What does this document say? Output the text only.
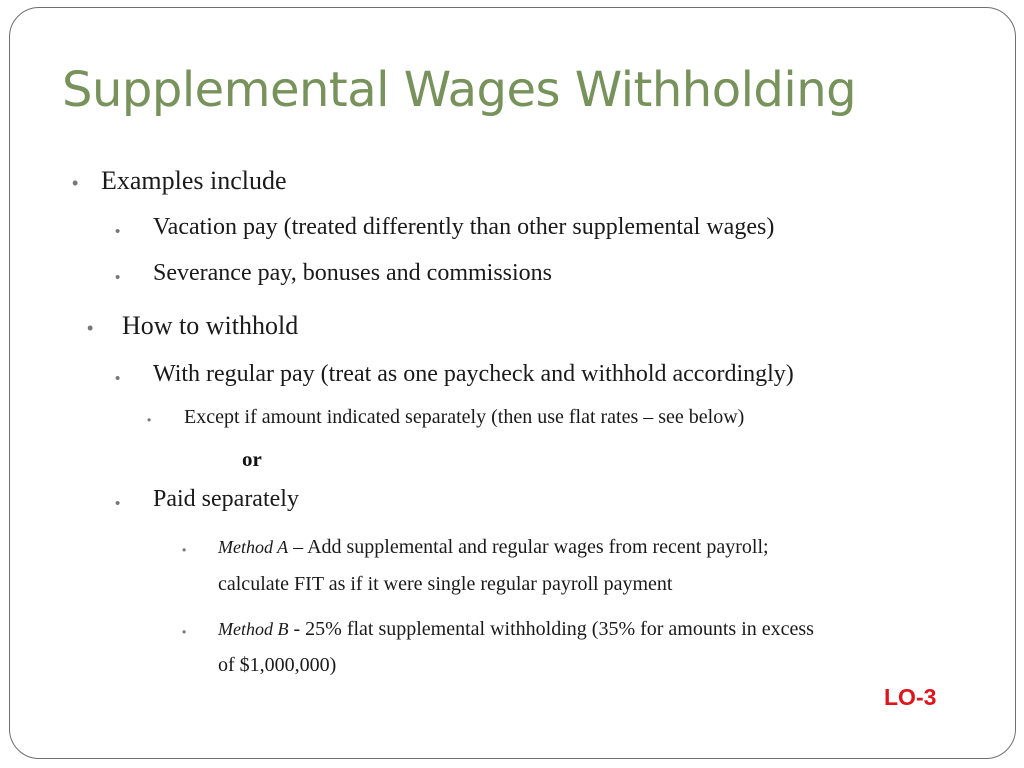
Supplemental Wages Withholding
• Examples include
• Vacation pay (treated differently than other supplemental wages)
• Severance pay, bonuses and commissions
• How to withhold
• With regular pay (treat as one paycheck and withhold accordingly)
• Except if amount indicated separately (then use flat rates – see below)
or
• Paid separately
• Method A – Add supplemental and regular wages from recent payroll;
calculate FIT as if it were single regular payroll payment
• Method B - 25% flat supplemental withholding (35% for amounts in excess
of $1,000,000)
LO-3
